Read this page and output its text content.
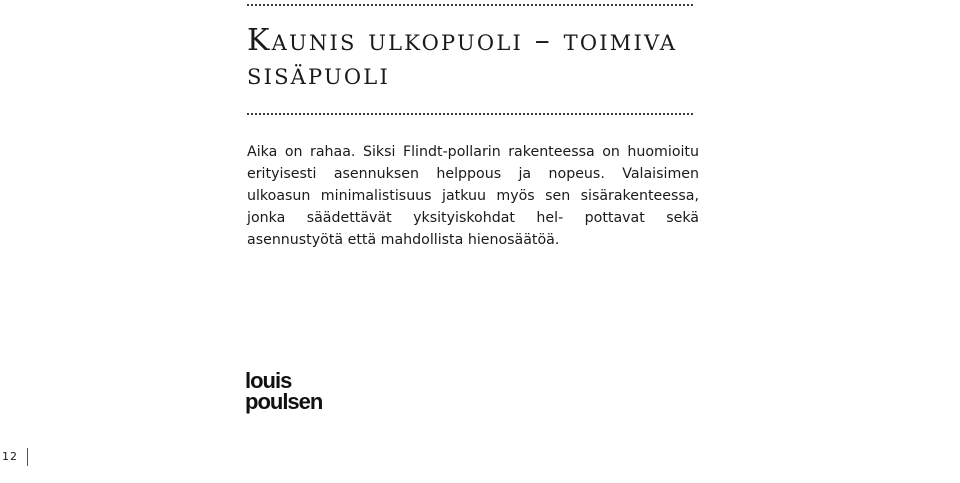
Kaunis ulkopuoli – toimiva
sisäpuoli

Aika on rahaa. Siksi Flindt-pollarin rakenteessa on huomioitu erityisesti asennuksen helppous ja nopeus. Valaisimen ulkoasun minimalistisuus jatkuu myös sen sisärakenteessa, jonka säädettävät yksityiskohdat hel- pottavat sekä asennustyötä että mahdollista hienosäätöä.

louis
poulsen
12
